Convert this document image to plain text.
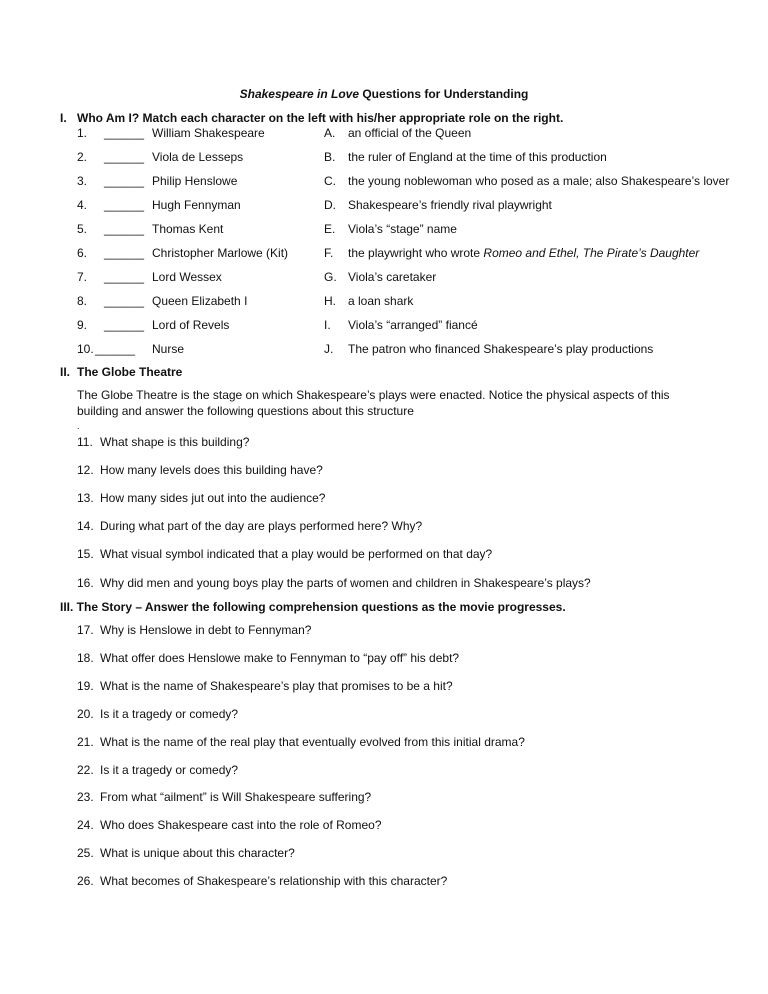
Shakespeare in Love Questions for Understanding
I. Who Am I? Match each character on the left with his/her appropriate role on the right.
1. ______ William Shakespeare	A. an official of the Queen
2. ______ Viola de Lesseps	B. the ruler of England at the time of this production
3. ______ Philip Henslowe	C. the young noblewoman who posed as a male; also Shakespeare’s lover
4. ______ Hugh Fennyman	D. Shakespeare’s friendly rival playwright
5. ______ Thomas Kent	E. Viola’s “stage” name
6. ______ Christopher Marlowe (Kit)	F. the playwright who wrote Romeo and Ethel, The Pirate’s Daughter
7. ______ Lord Wessex	G. Viola’s caretaker
8. ______ Queen Elizabeth I	H. a loan shark
9. ______ Lord of Revels	I. Viola’s “arranged” fiancé
10. ______ Nurse	J. The patron who financed Shakespeare’s play productions
II. The Globe Theatre
The Globe Theatre is the stage on which Shakespeare’s plays were enacted. Notice the physical aspects of this building and answer the following questions about this structure
.
11. What shape is this building?
12. How many levels does this building have?
13. How many sides jut out into the audience?
14. During what part of the day are plays performed here? Why?
15. What visual symbol indicated that a play would be performed on that day?
16. Why did men and young boys play the parts of women and children in Shakespeare’s plays?
III. The Story – Answer the following comprehension questions as the movie progresses.
17. Why is Henslowe in debt to Fennyman?
18. What offer does Henslowe make to Fennyman to “pay off” his debt?
19. What is the name of Shakespeare’s play that promises to be a hit?
20. Is it a tragedy or comedy?
21. What is the name of the real play that eventually evolved from this initial drama?
22. Is it a tragedy or comedy?
23. From what “ailment” is Will Shakespeare suffering?
24. Who does Shakespeare cast into the role of Romeo?
25. What is unique about this character?
26. What becomes of Shakespeare’s relationship with this character?
